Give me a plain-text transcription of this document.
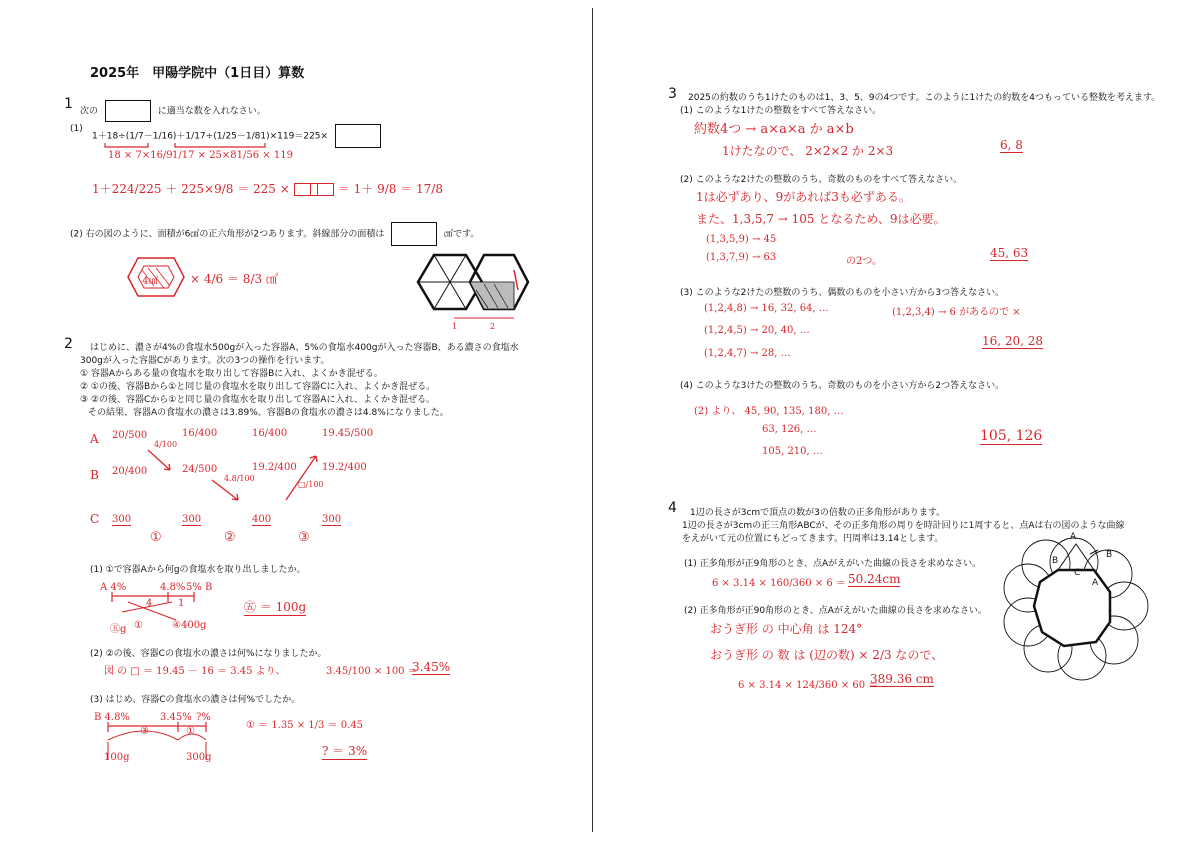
2025年　甲陽学院中（1日目）算数
1 次の	に適当な数を入れなさい。
(1)
1＋18÷(1/7－1/16)＋1/17÷(1/25－1/81)×119＝225×
18 × 7×16/9 1/17 × 25×81/56 × 119
1＋224/225 ＋ 225×9/8 ＝ 225 ×	＝ 1＋ 9/8 ＝ 17/8
(2) 右の図のように、面積が6㎠の正六角形が2つあります。斜線部分の面積は	㎠です。
4㎠	× 4/6 ＝ 8/3 ㎠
1	2
2 はじめに、濃さが4%の食塩水500gが入った容器A、5%の食塩水400gが入った容器B、ある濃さの食塩水
300gが入った容器Cがあります。次の3つの操作を行います。
① 容器Aからある量の食塩水を取り出して容器Bに入れ、よくかき混ぜる。
② ①の後、容器Bから①と同じ量の食塩水を取り出して容器Cに入れ、よくかき混ぜる。
③ ②の後、容器Cから①と同じ量の食塩水を取り出して容器Aに入れ、よくかき混ぜる。
その結果、容器Aの食塩水の濃さは3.89%、容器Bの食塩水の濃さは4.8%になりました。
A
B
C
20/500	16/400	16/400	19.45/500
20/400	24/500	19.2/400	19.2/400
300	300	400	300
4/100
4.8/100
□/100
①	②	③
(1) ①で容器Aから何gの食塩水を取り出しましたか。
A 4%	4.8% 5% B
4	1
㊄g ①	④400g
㊄ ＝ 100g
(2) ②の後、容器Cの食塩水の濃さは何%になりましたか。
図 の □ ＝ 19.45 － 16 ＝ 3.45 より、	3.45/100 × 100 ＝
3.45%
(3) はじめ、容器Cの食塩水の濃さは何%でしたか。
B 4.8%	3.45% ?%
③	①
100g	300g
① ＝ 1.35 × 1/3 ＝ 0.45
? ＝ 3%
3 2025の約数のうち1けたのものは1、3、5、9の4つです。このように1けたの約数を4つもっている整数を考えます。
(1) このような1けたの整数をすべて答えなさい。
約数4つ → a×a×a か a×b
1けたなので、 2×2×2 か 2×3	6, 8
(2) このような2けたの整数のうち、奇数のものをすべて答えなさい。
1は必ずあり、9があれば3も必ずある。
また、1,3,5,7 → 105 となるため、9は必要。
(1,3,5,9) → 45
(1,3,7,9) → 63	の2つ。
45, 63
(3) このような2けたの整数のうち、偶数のものを小さい方から3つ答えなさい。
(1,2,4,8) → 16, 32, 64, …	(1,2,3,4) → 6 があるので ×
(1,2,4,5) → 20, 40, …
(1,2,4,7) → 28, …
16, 20, 28
(4) このような3けたの整数のうち、奇数のものを小さい方から2つ答えなさい。
(2) より、 45, 90, 135, 180, …
63, 126, …
105, 210, …
105, 126
4 1辺の長さが3cmで頂点の数が3の倍数の正多角形があります。
1辺の長さが3cmの正三角形ABCが、その正多角形の周りを時計回りに1周すると、点Aは右の図のような曲線
をえがいて元の位置にもどってきます。円周率は3.14とします。
(1) 正多角形が正9角形のとき、点Aがえがいた曲線の長さを求めなさい。
6 × 3.14 × 160/360 × 6 ＝ 50.24cm
(2) 正多角形が正90角形のとき、点Aがえがいた曲線の長さを求めなさい。
おうぎ形 の 中心角 は 124°
おうぎ形 の 数 は (辺の数) × 2/3 なので、
6 × 3.14 × 124/360 × 60 ＝
389.36 cm
A
B
B
C
A
